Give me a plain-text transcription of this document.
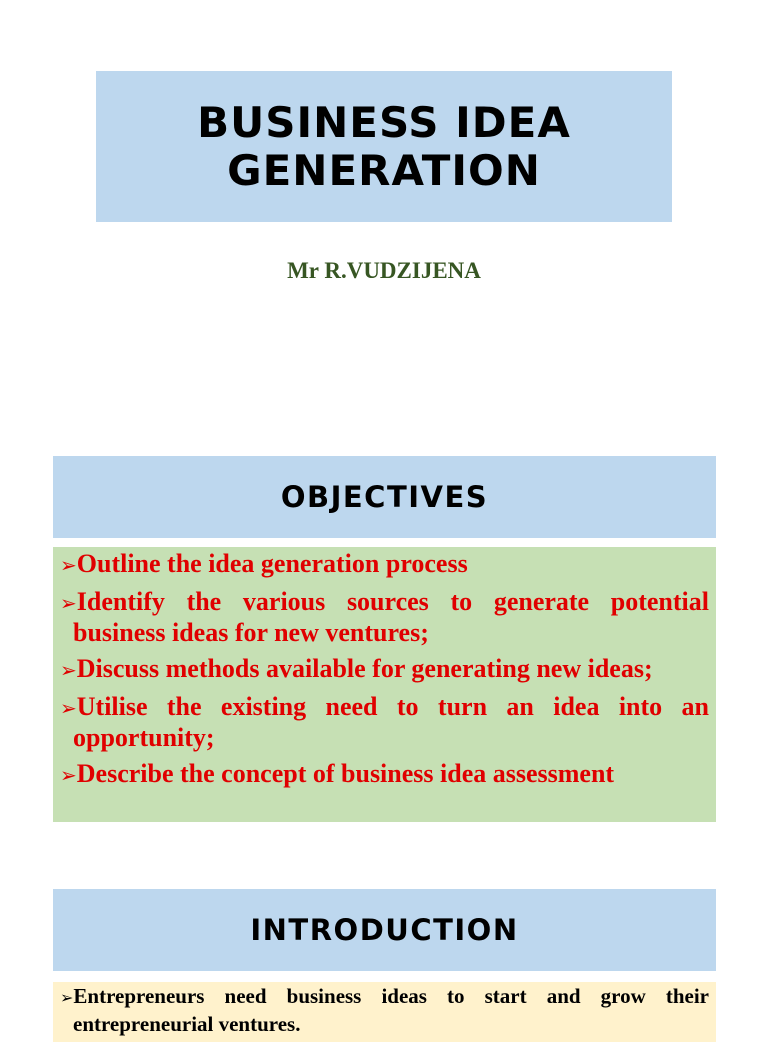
BUSINESS IDEA
GENERATION
Mr R.VUDZIJENA
OBJECTIVES
➢Outline the idea generation process
➢Identify the various sources to generate potential business ideas for new ventures;
➢Discuss methods available for generating new ideas;
➢Utilise the existing need to turn an idea into an opportunity;
➢Describe the concept of business idea assessment
INTRODUCTION
➢Entrepreneurs need business ideas to start and grow their entrepreneurial ventures.
